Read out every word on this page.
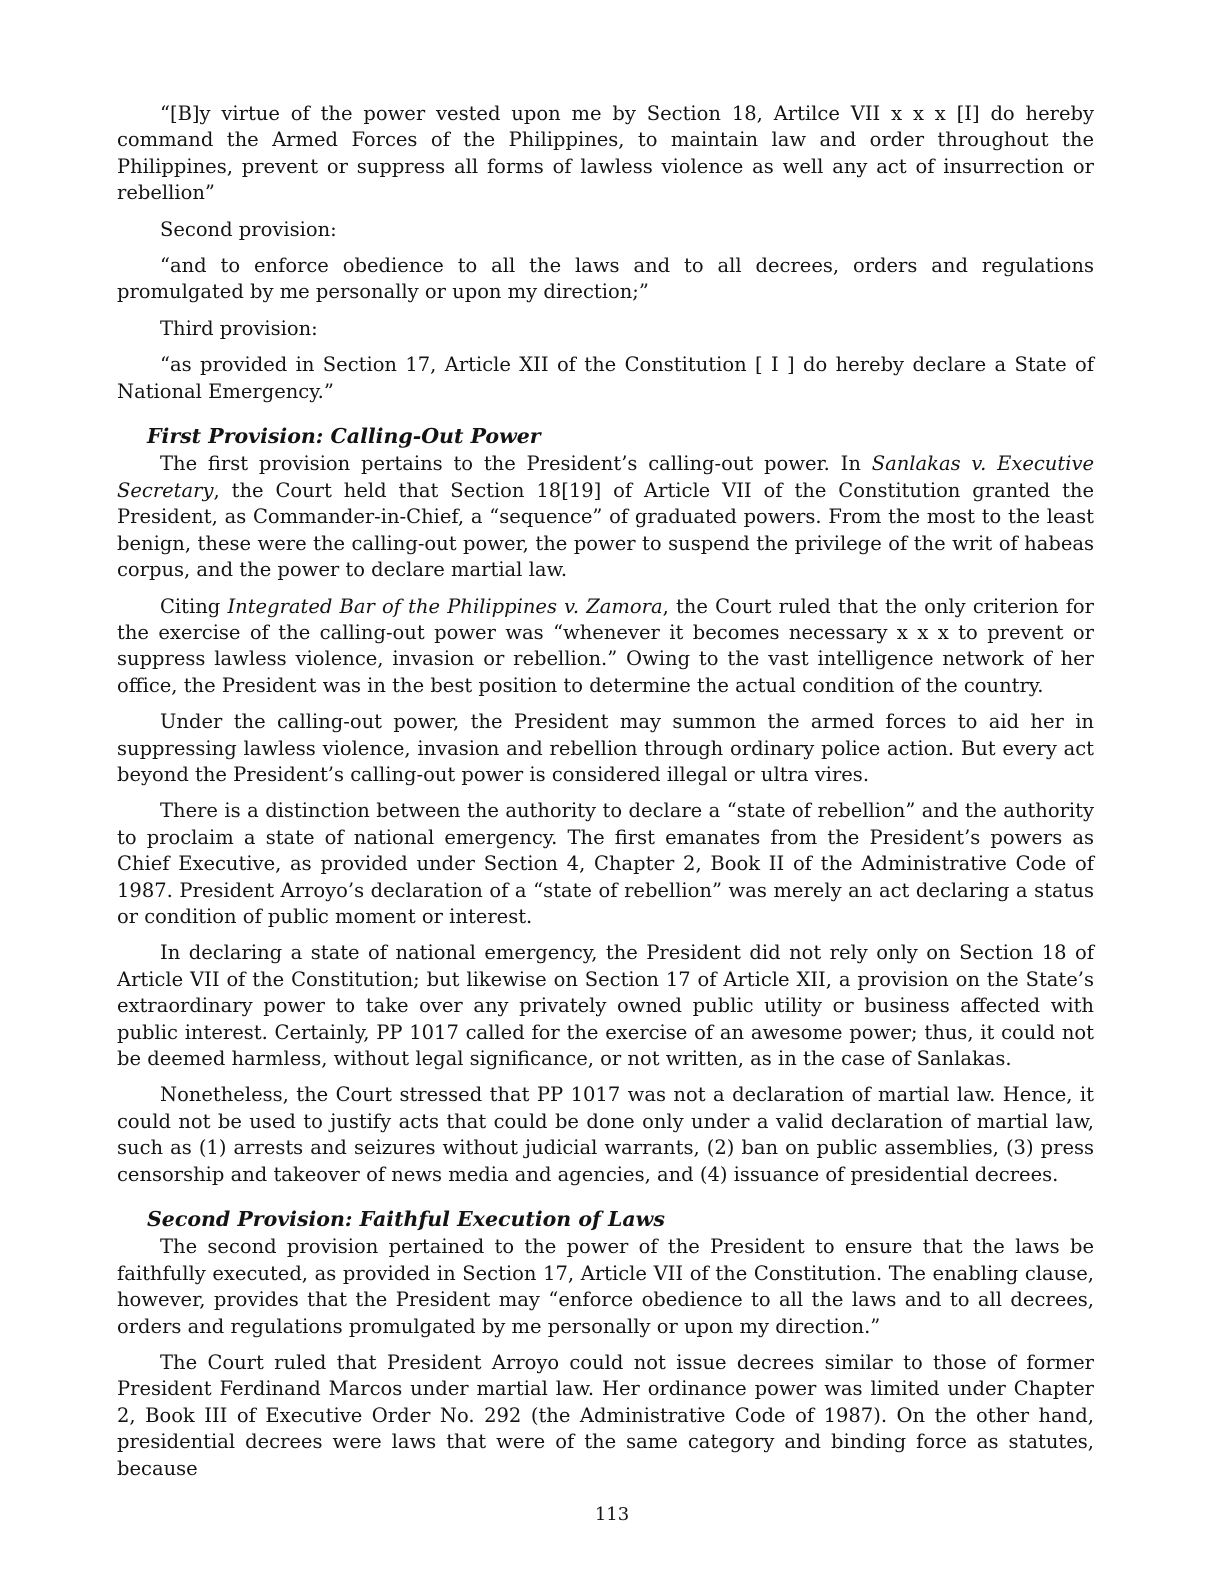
“[B]y virtue of the power vested upon me by Section 18, Artilce VII x x x [I] do hereby command the Armed Forces of the Philippines, to maintain law and order throughout the Philippines, prevent or suppress all forms of lawless violence as well any act of insurrection or rebellion”

Second provision:

“and to enforce obedience to all the laws and to all decrees, orders and regulations promulgated by me personally or upon my direction;”

Third provision:

“as provided in Section 17, Article XII of the Constitution [ I ] do hereby declare a State of National Emergency.”

First Provision: Calling-Out Power

The first provision pertains to the President’s calling-out power. In Sanlakas v. Executive Secretary, the Court held that Section 18[19] of Article VII of the Constitution granted the President, as Commander-in-Chief, a “sequence” of graduated powers. From the most to the least benign, these were the calling-out power, the power to suspend the privilege of the writ of habeas corpus, and the power to declare martial law.

Citing Integrated Bar of the Philippines v. Zamora, the Court ruled that the only criterion for the exercise of the calling-out power was “whenever it becomes necessary x x x to prevent or suppress lawless violence, invasion or rebellion.” Owing to the vast intelligence network of her office, the President was in the best position to determine the actual condition of the country.

Under the calling-out power, the President may summon the armed forces to aid her in suppressing lawless violence, invasion and rebellion through ordinary police action. But every act beyond the President’s calling-out power is considered illegal or ultra vires.

There is a distinction between the authority to declare a “state of rebellion” and the authority to proclaim a state of national emergency. The first emanates from the President’s powers as Chief Executive, as provided under Section 4, Chapter 2, Book II of the Administrative Code of 1987. President Arroyo’s declaration of a “state of rebellion” was merely an act declaring a status or condition of public moment or interest.

In declaring a state of national emergency, the President did not rely only on Section 18 of Article VII of the Constitution; but likewise on Section 17 of Article XII, a provision on the State’s extraordinary power to take over any privately owned public utility or business affected with public interest. Certainly, PP 1017 called for the exercise of an awesome power; thus, it could not be deemed harmless, without legal significance, or not written, as in the case of Sanlakas.

Nonetheless, the Court stressed that PP 1017 was not a declaration of martial law. Hence, it could not be used to justify acts that could be done only under a valid declaration of martial law, such as (1) arrests and seizures without judicial warrants, (2) ban on public assemblies, (3) press censorship and takeover of news media and agencies, and (4) issuance of presidential decrees.

Second Provision: Faithful Execution of Laws

The second provision pertained to the power of the President to ensure that the laws be faithfully executed, as provided in Section 17, Article VII of the Constitution. The enabling clause, however, provides that the President may “enforce obedience to all the laws and to all decrees, orders and regulations promulgated by me personally or upon my direction.”

The Court ruled that President Arroyo could not issue decrees similar to those of former President Ferdinand Marcos under martial law. Her ordinance power was limited under Chapter 2, Book III of Executive Order No. 292 (the Administrative Code of 1987). On the other hand, presidential decrees were laws that were of the same category and binding force as statutes, because

113
